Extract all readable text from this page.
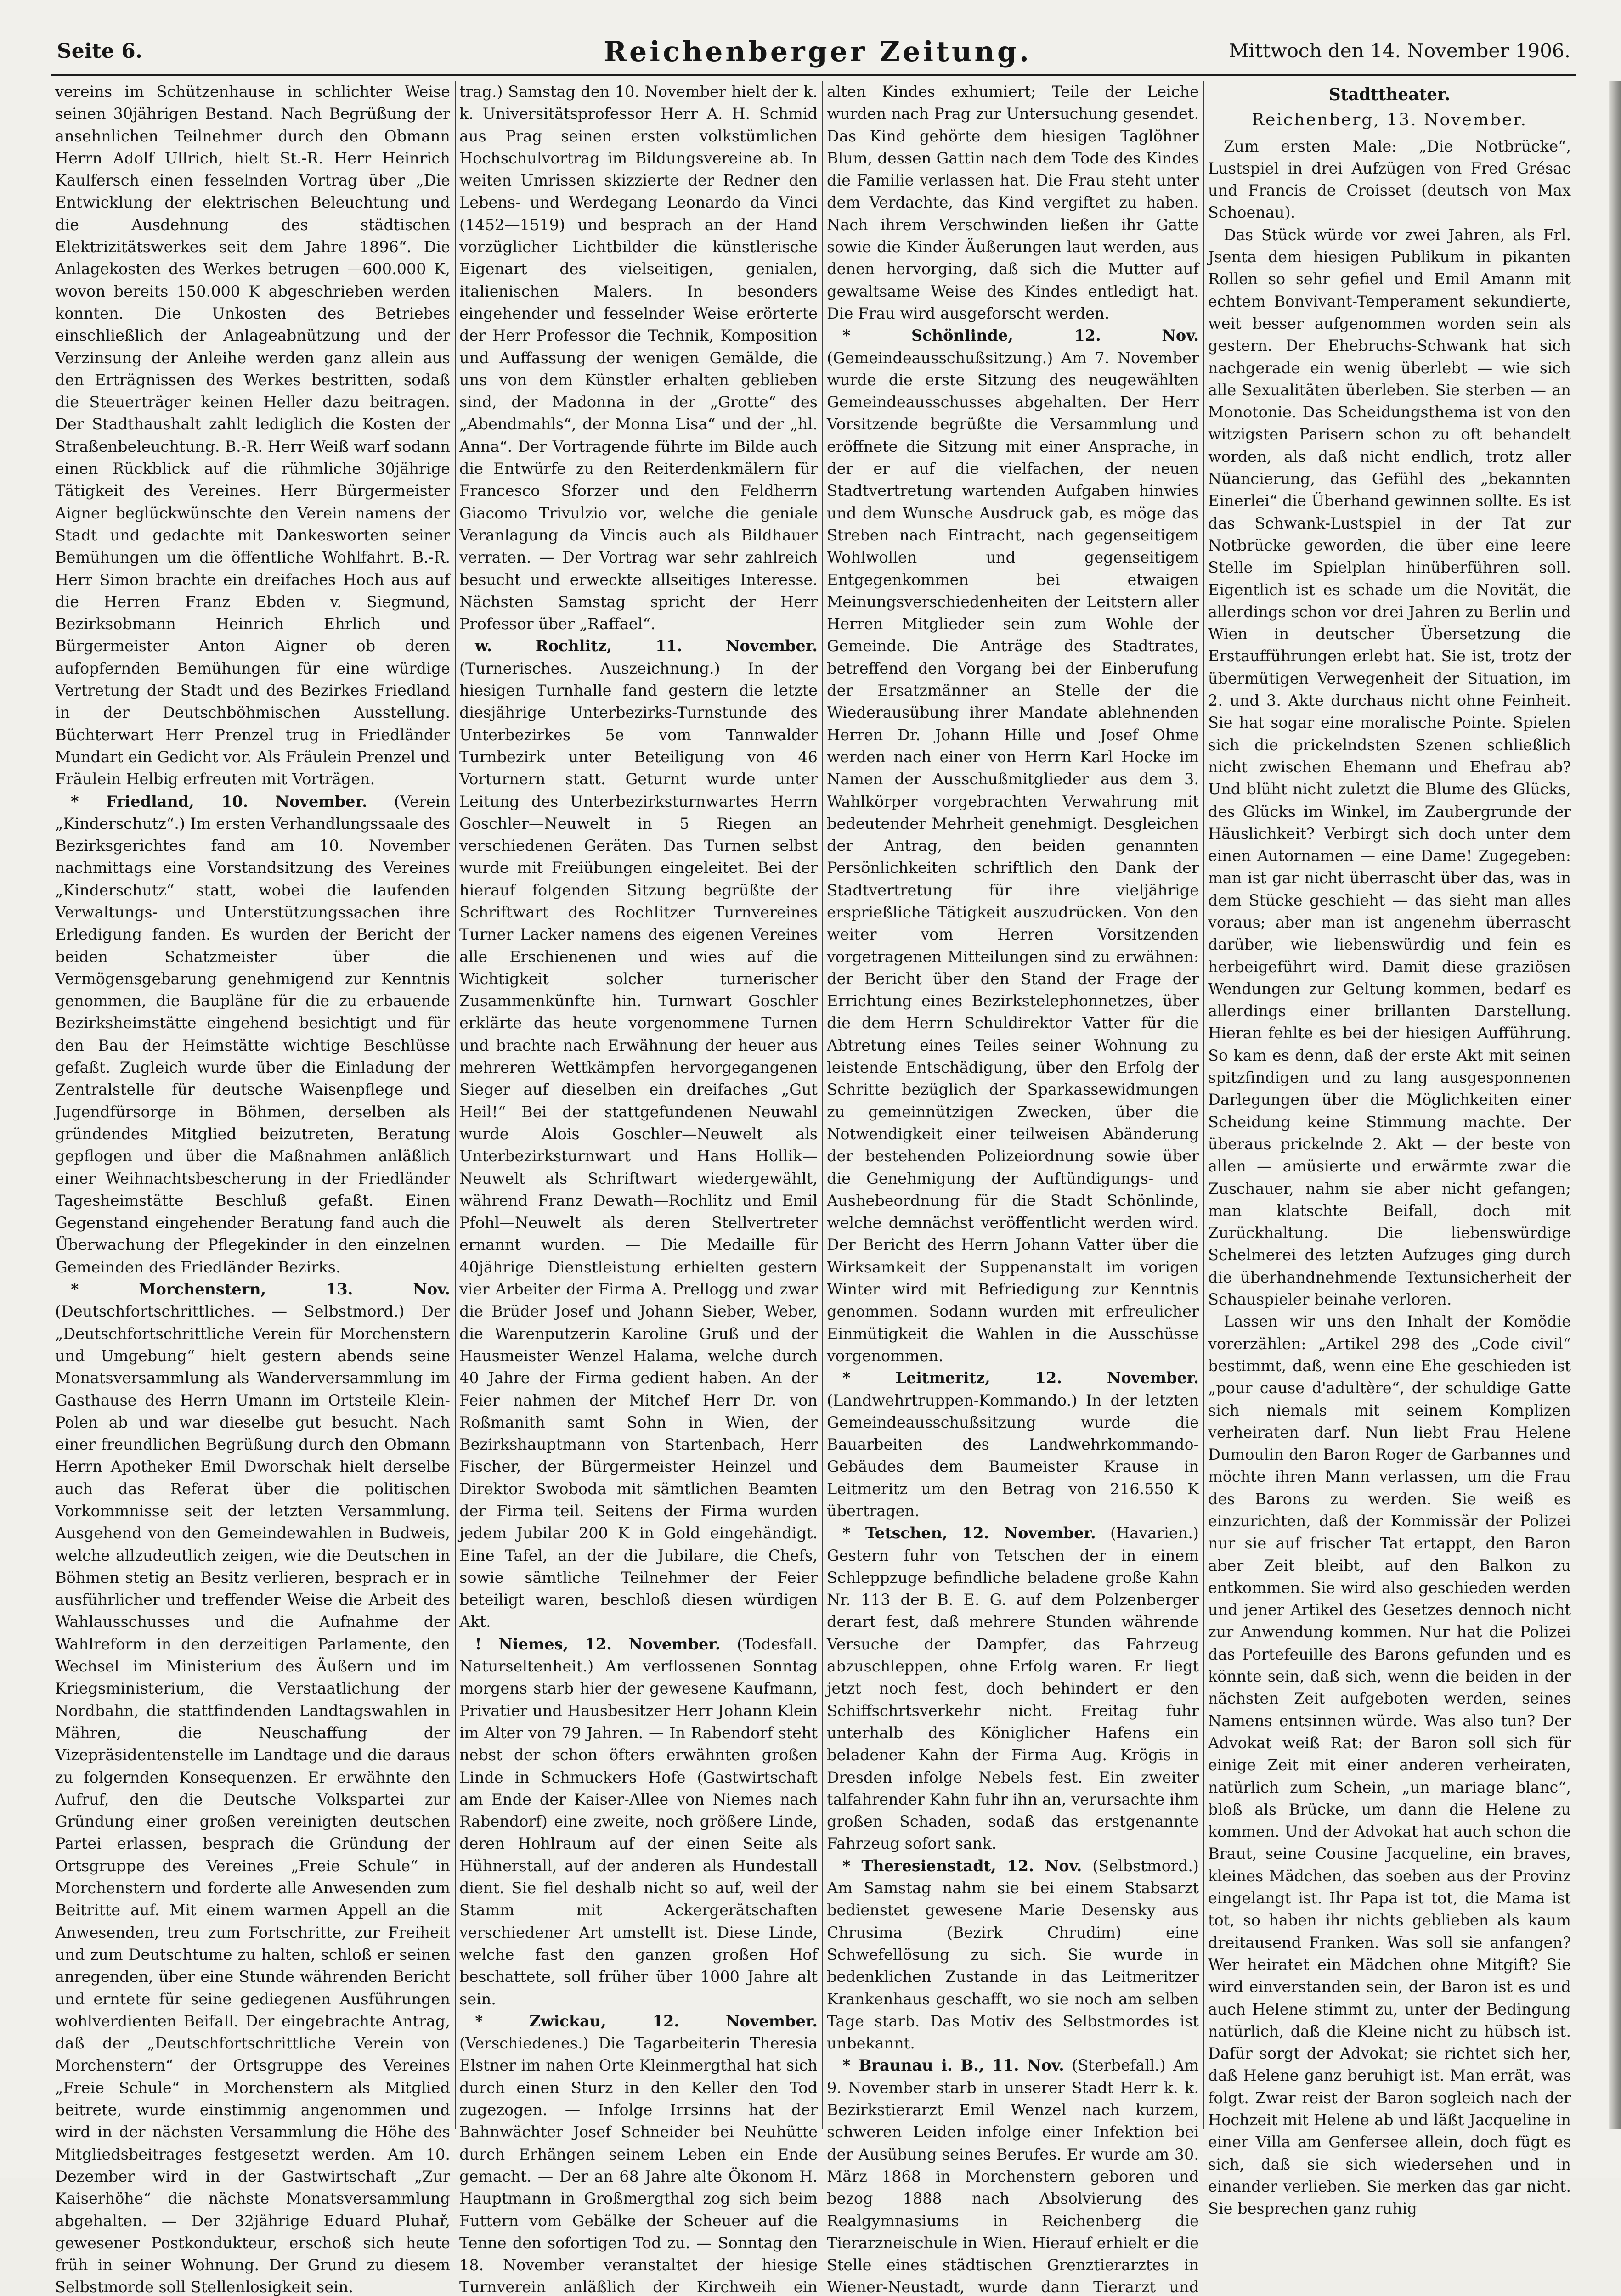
Seite 6.	Reichenberger Zeitung.	Mittwoch den 14. November 1906.

vereins im Schützenhause in schlichter Weise seinen 30jährigen Bestand. Nach Begrüßung der ansehnlichen Teilnehmer durch den Obmann Herrn Adolf Ullrich, hielt St.-R. Herr Heinrich Kaulfersch einen fesselnden Vortrag über „Die Entwicklung der elektrischen Beleuchtung und die Ausdehnung des städtischen Elektrizitätswerkes seit dem Jahre 1896“. Die Anlagekosten des Werkes betrugen —600.000 K, wovon bereits 150.000 K abgeschrieben werden konnten. Die Unkosten des Betriebes einschließlich der Anlageabnützung und der Verzinsung der Anleihe werden ganz allein aus den Erträgnissen des Werkes bestritten, sodaß die Steuerträger keinen Heller dazu beitragen. Der Stadthaushalt zahlt lediglich die Kosten der Straßenbeleuchtung. B.-R. Herr Weiß warf sodann einen Rückblick auf die rühmliche 30jährige Tätigkeit des Vereines. Herr Bürgermeister Aigner beglückwünschte den Verein namens der Stadt und gedachte mit Dankesworten seiner Bemühungen um die öffentliche Wohlfahrt. B.-R. Herr Simon brachte ein dreifaches Hoch aus auf die Herren Franz Ebden v. Siegmund, Bezirksobmann Heinrich Ehrlich und Bürgermeister Anton Aigner ob deren aufopfernden Bemühungen für eine würdige Vertretung der Stadt und des Bezirkes Friedland in der Deutschböhmischen Ausstellung. Büchterwart Herr Prenzel trug in Friedländer Mundart ein Gedicht vor. Als Fräulein Prenzel und Fräulein Helbig erfreuten mit Vorträgen.

* Friedland, 10. November. (Verein „Kinderschutz“.) Im ersten Verhandlungssaale des Bezirksgerichtes fand am 10. November nachmittags eine Vorstandsitzung des Vereines „Kinderschutz“ statt, wobei die laufenden Verwaltungs- und Unterstützungssachen ihre Erledigung fanden. Es wurden der Bericht der beiden Schatzmeister über die Vermögensgebarung genehmigend zur Kenntnis genommen, die Baupläne für die zu erbauende Bezirksheimstätte eingehend besichtigt und für den Bau der Heimstätte wichtige Beschlüsse gefaßt. Zugleich wurde über die Einladung der Zentralstelle für deutsche Waisenpflege und Jugendfürsorge in Böhmen, derselben als gründendes Mitglied beizutreten, Beratung gepflogen und über die Maßnahmen anläßlich einer Weihnachtsbescherung in der Friedländer Tagesheimstätte Beschluß gefaßt. Einen Gegenstand eingehender Beratung fand auch die Überwachung der Pflegekinder in den einzelnen Gemeinden des Friedländer Bezirks.

* Morchenstern, 13. Nov. (Deutschfortschrittliches. — Selbstmord.) Der „Deutschfortschrittliche Verein für Morchenstern und Umgebung“ hielt gestern abends seine Monatsversammlung als Wanderversammlung im Gasthause des Herrn Umann im Ortsteile Klein-Polen ab und war dieselbe gut besucht. Nach einer freundlichen Begrüßung durch den Obmann Herrn Apotheker Emil Dworschak hielt derselbe auch das Referat über die politischen Vorkommnisse seit der letzten Versammlung. Ausgehend von den Gemeindewahlen in Budweis, welche allzudeutlich zeigen, wie die Deutschen in Böhmen stetig an Besitz verlieren, besprach er in ausführlicher und treffender Weise die Arbeit des Wahlausschusses und die Aufnahme der Wahlreform in den derzeitigen Parlamente, den Wechsel im Ministerium des Äußern und im Kriegsministerium, die Verstaatlichung der Nordbahn, die stattfindenden Landtagswahlen in Mähren, die Neuschaffung der Vizepräsidentenstelle im Landtage und die daraus zu folgernden Konsequenzen. Er erwähnte den Aufruf, den die Deutsche Volkspartei zur Gründung einer großen vereinigten deutschen Partei erlassen, besprach die Gründung der Ortsgruppe des Vereines „Freie Schule“ in Morchenstern und forderte alle Anwesenden zum Beitritte auf. Mit einem warmen Appell an die Anwesenden, treu zum Fortschritte, zur Freiheit und zum Deutschtume zu halten, schloß er seinen anregenden, über eine Stunde währenden Bericht und erntete für seine gediegenen Ausführungen wohlverdienten Beifall. Der eingebrachte Antrag, daß der „Deutschfortschrittliche Verein von Morchenstern“ der Ortsgruppe des Vereines „Freie Schule“ in Morchenstern als Mitglied beitrete, wurde einstimmig angenommen und wird in der nächsten Versammlung die Höhe des Mitgliedsbeitrages festgesetzt werden. Am 10. Dezember wird in der Gastwirtschaft „Zur Kaiserhöhe“ die nächste Monatsversammlung abgehalten. — Der 32jährige Eduard Pluhař, gewesener Postkondukteur, erschoß sich heute früh in seiner Wohnung. Der Grund zu diesem Selbstmorde soll Stellenlosigkeit sein.

trag.) Samstag den 10. November hielt der k. k. Universitätsprofessor Herr A. H. Schmid aus Prag seinen ersten volkstümlichen Hochschulvortrag im Bildungsvereine ab. In weiten Umrissen skizzierte der Redner den Lebens- und Werdegang Leonardo da Vinci (1452—1519) und besprach an der Hand vorzüglicher Lichtbilder die künstlerische Eigenart des vielseitigen, genialen, italienischen Malers. In besonders eingehender und fesselnder Weise erörterte der Herr Professor die Technik, Komposition und Auffassung der wenigen Gemälde, die uns von dem Künstler erhalten geblieben sind, der Madonna in der „Grotte“ des „Abendmahls“, der Monna Lisa“ und der „hl. Anna“. Der Vortragende führte im Bilde auch die Entwürfe zu den Reiterdenkmälern für Francesco Sforzer und den Feldherrn Giacomo Trivulzio vor, welche die geniale Veranlagung da Vincis auch als Bildhauer verraten. — Der Vortrag war sehr zahlreich besucht und erweckte allseitiges Interesse. Nächsten Samstag spricht der Herr Professor über „Raffael“.

w. Rochlitz, 11. November. (Turnerisches. Auszeichnung.) In der hiesigen Turnhalle fand gestern die letzte diesjährige Unterbezirks-Turnstunde des Unterbezirkes 5e vom Tannwalder Turnbezirk unter Beteiligung von 46 Vorturnern statt. Geturnt wurde unter Leitung des Unterbezirksturnwartes Herrn Goschler—Neuwelt in 5 Riegen an verschiedenen Geräten. Das Turnen selbst wurde mit Freiübungen eingeleitet. Bei der hierauf folgenden Sitzung begrüßte der Schriftwart des Rochlitzer Turnvereines Turner Lacker namens des eigenen Vereines alle Erschienenen und wies auf die Wichtigkeit solcher turnerischer Zusammenkünfte hin. Turnwart Goschler erklärte das heute vorgenommene Turnen und brachte nach Erwähnung der heuer aus mehreren Wettkämpfen hervorgegangenen Sieger auf dieselben ein dreifaches „Gut Heil!“ Bei der stattgefundenen Neuwahl wurde Alois Goschler—Neuwelt als Unterbezirksturnwart und Hans Hollik—Neuwelt als Schriftwart wiedergewählt, während Franz Dewath—Rochlitz und Emil Pfohl—Neuwelt als deren Stellvertreter ernannt wurden. — Die Medaille für 40jährige Dienstleistung erhielten gestern vier Arbeiter der Firma A. Prellogg und zwar die Brüder Josef und Johann Sieber, Weber, die Warenputzerin Karoline Gruß und der Hausmeister Wenzel Halama, welche durch 40 Jahre der Firma gedient haben. An der Feier nahmen der Mitchef Herr Dr. von Roßmanith samt Sohn in Wien, der Bezirkshauptmann von Startenbach, Herr Fischer, der Bürgermeister Heinzel und Direktor Swoboda mit sämtlichen Beamten der Firma teil. Seitens der Firma wurden jedem Jubilar 200 K in Gold eingehändigt. Eine Tafel, an der die Jubilare, die Chefs, sowie sämtliche Teilnehmer der Feier beteiligt waren, beschloß diesen würdigen Akt.

! Niemes, 12. November. (Todesfall. Naturseltenheit.) Am verflossenen Sonntag morgens starb hier der gewesene Kaufmann, Privatier und Hausbesitzer Herr Johann Klein im Alter von 79 Jahren. — In Rabendorf steht nebst der schon öfters erwähnten großen Linde in Schmuckers Hofe (Gastwirtschaft am Ende der Kaiser-Allee von Niemes nach Rabendorf) eine zweite, noch größere Linde, deren Hohlraum auf der einen Seite als Hühnerstall, auf der anderen als Hundestall dient. Sie fiel deshalb nicht so auf, weil der Stamm mit Ackergerätschaften verschiedener Art umstellt ist. Diese Linde, welche fast den ganzen großen Hof beschattete, soll früher über 1000 Jahre alt sein.

* Zwickau, 12. November. (Verschiedenes.) Die Tagarbeiterin Theresia Elstner im nahen Orte Kleinmergthal hat sich durch einen Sturz in den Keller den Tod zugezogen. — Infolge Irrsinns hat der Bahnwächter Josef Schneider bei Neuhütte durch Erhängen seinem Leben ein Ende gemacht. — Der an 68 Jahre alte Ökonom H. Hauptmann in Großmergthal zog sich beim Futtern vom Gebälke der Scheuer auf die Tenne den sofortigen Tod zu. — Sonntag den 18. November veranstaltet der hiesige Turnverein anläßlich der Kirchweih ein

alten Kindes exhumiert; Teile der Leiche wurden nach Prag zur Untersuchung gesendet. Das Kind gehörte dem hiesigen Taglöhner Blum, dessen Gattin nach dem Tode des Kindes die Familie verlassen hat. Die Frau steht unter dem Verdachte, das Kind vergiftet zu haben. Nach ihrem Verschwinden ließen ihr Gatte sowie die Kinder Äußerungen laut werden, aus denen hervorging, daß sich die Mutter auf gewaltsame Weise des Kindes entledigt hat. Die Frau wird ausgeforscht werden.

* Schönlinde, 12. Nov. (Gemeindeausschußsitzung.) Am 7. November wurde die erste Sitzung des neugewählten Gemeindeausschusses abgehalten. Der Herr Vorsitzende begrüßte die Versammlung und eröffnete die Sitzung mit einer Ansprache, in der er auf die vielfachen, der neuen Stadtvertretung wartenden Aufgaben hinwies und dem Wunsche Ausdruck gab, es möge das Streben nach Eintracht, nach gegenseitigem Wohlwollen und gegenseitigem Entgegenkommen bei etwaigen Meinungsverschiedenheiten der Leitstern aller Herren Mitglieder sein zum Wohle der Gemeinde. Die Anträge des Stadtrates, betreffend den Vorgang bei der Einberufung der Ersatzmänner an Stelle der die Wiederausübung ihrer Mandate ablehnenden Herren Dr. Johann Hille und Josef Ohme werden nach einer von Herrn Karl Hocke im Namen der Ausschußmitglieder aus dem 3. Wahlkörper vorgebrachten Verwahrung mit bedeutender Mehrheit genehmigt. Desgleichen der Antrag, den beiden genannten Persönlichkeiten schriftlich den Dank der Stadtvertretung für ihre vieljährige ersprießliche Tätigkeit auszudrücken. Von den weiter vom Herren Vorsitzenden vorgetragenen Mitteilungen sind zu erwähnen: der Bericht über den Stand der Frage der Errichtung eines Bezirkstelephonnetzes, über die dem Herrn Schuldirektor Vatter für die Abtretung eines Teiles seiner Wohnung zu leistende Entschädigung, über den Erfolg der Schritte bezüglich der Sparkassewidmungen zu gemeinnützigen Zwecken, über die Notwendigkeit einer teilweisen Abänderung der bestehenden Polizeiordnung sowie über die Genehmigung der Auftündigungs- und Aushebeordnung für die Stadt Schönlinde, welche demnächst veröffentlicht werden wird. Der Bericht des Herrn Johann Vatter über die Wirksamkeit der Suppenanstalt im vorigen Winter wird mit Befriedigung zur Kenntnis genommen. Sodann wurden mit erfreulicher Einmütigkeit die Wahlen in die Ausschüsse vorgenommen.

* Leitmeritz, 12. November. (Landwehrtruppen-Kommando.) In der letzten Gemeindeausschußsitzung wurde die Bauarbeiten des Landwehrkommando-Gebäudes dem Baumeister Krause in Leitmeritz um den Betrag von 216.550 K übertragen.

* Tetschen, 12. November. (Havarien.) Gestern fuhr von Tetschen der in einem Schleppzuge befindliche beladene große Kahn Nr. 113 der B. E. G. auf dem Polzenberger derart fest, daß mehrere Stunden währende Versuche der Dampfer, das Fahrzeug abzuschleppen, ohne Erfolg waren. Er liegt jetzt noch fest, doch behindert er den Schiffschrtsverkehr nicht. Freitag fuhr unterhalb des Königlicher Hafens ein beladener Kahn der Firma Aug. Krögis in Dresden infolge Nebels fest. Ein zweiter talfahrender Kahn fuhr ihn an, verursachte ihm großen Schaden, sodaß das erstgenannte Fahrzeug sofort sank.

* Theresienstadt, 12. Nov. (Selbstmord.) Am Samstag nahm sie bei einem Stabsarzt bedienstet gewesene Marie Desensky aus Chrusima (Bezirk Chrudim) eine Schwefellösung zu sich. Sie wurde in bedenklichen Zustande in das Leitmeritzer Krankenhaus geschafft, wo sie noch am selben Tage starb. Das Motiv des Selbstmordes ist unbekannt.

* Braunau i. B., 11. Nov. (Sterbefall.) Am 9. November starb in unserer Stadt Herr k. k. Bezirkstierarzt Emil Wenzel nach kurzem, schweren Leiden infolge einer Infektion bei der Ausübung seines Berufes. Er wurde am 30. März 1868 in Morchenstern geboren und bezog 1888 nach Absolvierung des Realgymnasiums in Reichenberg die Tierarzneischule in Wien. Hierauf erhielt er die Stelle eines städtischen Grenztierarztes in Wiener-Neustadt, wurde dann Tierarzt und

Stadttheater.

Reichenberg, 13. November.

Zum ersten Male: „Die Notbrücke“, Lustspiel in drei Aufzügen von Fred Grésac und Francis de Croisset (deutsch von Max Schoenau).

Das Stück würde vor zwei Jahren, als Frl. Jsenta dem hiesigen Publikum in pikanten Rollen so sehr gefiel und Emil Amann mit echtem Bonvivant-Temperament sekundierte, weit besser aufgenommen worden sein als gestern. Der Ehebruchs-Schwank hat sich nachgerade ein wenig überlebt — wie sich alle Sexualitäten überleben. Sie sterben — an Monotonie. Das Scheidungsthema ist von den witzigsten Parisern schon zu oft behandelt worden, als daß nicht endlich, trotz aller Nüancierung, das Gefühl des „bekannten Einerlei“ die Überhand gewinnen sollte. Es ist das Schwank-Lustspiel in der Tat zur Notbrücke geworden, die über eine leere Stelle im Spielplan hinüberführen soll. Eigentlich ist es schade um die Novität, die allerdings schon vor drei Jahren zu Berlin und Wien in deutscher Übersetzung die Erstaufführungen erlebt hat. Sie ist, trotz der übermütigen Verwegenheit der Situation, im 2. und 3. Akte durchaus nicht ohne Feinheit. Sie hat sogar eine moralische Pointe. Spielen sich die prickelndsten Szenen schließlich nicht zwischen Ehemann und Ehefrau ab? Und blüht nicht zuletzt die Blume des Glücks, des Glücks im Winkel, im Zaubergrunde der Häuslichkeit? Verbirgt sich doch unter dem einen Autornamen — eine Dame! Zugegeben: man ist gar nicht überrascht über das, was in dem Stücke geschieht — das sieht man alles voraus; aber man ist angenehm überrascht darüber, wie liebenswürdig und fein es herbeigeführt wird. Damit diese graziösen Wendungen zur Geltung kommen, bedarf es allerdings einer brillanten Darstellung. Hieran fehlte es bei der hiesigen Aufführung. So kam es denn, daß der erste Akt mit seinen spitzfindigen und zu lang ausgesponnenen Darlegungen über die Möglichkeiten einer Scheidung keine Stimmung machte. Der überaus prickelnde 2. Akt — der beste von allen — amüsierte und erwärmte zwar die Zuschauer, nahm sie aber nicht gefangen; man klatschte Beifall, doch mit Zurückhaltung. Die liebenswürdige Schelmerei des letzten Aufzuges ging durch die überhandnehmende Textunsicherheit der Schauspieler beinahe verloren.

Lassen wir uns den Inhalt der Komödie vorerzählen: „Artikel 298 des „Code civil“ bestimmt, daß, wenn eine Ehe geschieden ist „pour cause d'adultère“, der schuldige Gatte sich niemals mit seinem Komplizen verheiraten darf. Nun liebt Frau Helene Dumoulin den Baron Roger de Garbannes und möchte ihren Mann verlassen, um die Frau des Barons zu werden. Sie weiß es einzurichten, daß der Kommissär der Polizei nur sie auf frischer Tat ertappt, den Baron aber Zeit bleibt, auf den Balkon zu entkommen. Sie wird also geschieden werden und jener Artikel des Gesetzes dennoch nicht zur Anwendung kommen. Nur hat die Polizei das Portefeuille des Barons gefunden und es könnte sein, daß sich, wenn die beiden in der nächsten Zeit aufgeboten werden, seines Namens entsinnen würde. Was also tun? Der Advokat weiß Rat: der Baron soll sich für einige Zeit mit einer anderen verheiraten, natürlich zum Schein, „un mariage blanc“, bloß als Brücke, um dann die Helene zu kommen. Und der Advokat hat auch schon die Braut, seine Cousine Jacqueline, ein braves, kleines Mädchen, das soeben aus der Provinz eingelangt ist. Ihr Papa ist tot, die Mama ist tot, so haben ihr nichts geblieben als kaum dreitausend Franken. Was soll sie anfangen? Wer heiratet ein Mädchen ohne Mitgift? Sie wird einverstanden sein, der Baron ist es und auch Helene stimmt zu, unter der Bedingung natürlich, daß die Kleine nicht zu hübsch ist. Dafür sorgt der Advokat; sie richtet sich her, daß Helene ganz beruhigt ist. Man errät, was folgt. Zwar reist der Baron sogleich nach der Hochzeit mit Helene ab und läßt Jacqueline in einer Villa am Genfersee allein, doch fügt es sich, daß sie sich wiedersehen und in einander verlieben. Sie merken das gar nicht. Sie besprechen ganz ruhig
